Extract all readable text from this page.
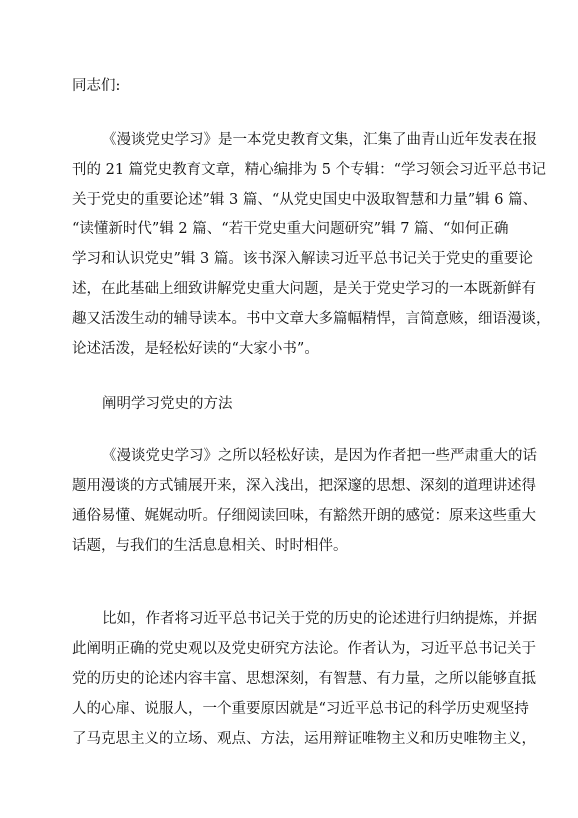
同志们:
《漫谈党史学习》是一本党史教育文集，汇集了曲青山近年发表在报
刊的 21 篇党史教育文章，精心编排为 5 个专辑：“学习领会习近平总书记
关于党史的重要论述”辑 3 篇、“从党史国史中汲取智慧和力量”辑 6 篇、
“读懂新时代”辑 2 篇、“若干党史重大问题研究”辑 7 篇、“如何正确
学习和认识党史”辑 3 篇。该书深入解读习近平总书记关于党史的重要论
述，在此基础上细致讲解党史重大问题，是关于党史学习的一本既新鲜有
趣又活泼生动的辅导读本。书中文章大多篇幅精悍，言简意赅，细语漫谈，
论述活泼，是轻松好读的“大家小书”。
阐明学习党史的方法
《漫谈党史学习》之所以轻松好读，是因为作者把一些严肃重大的话
题用漫谈的方式铺展开来，深入浅出，把深邃的思想、深刻的道理讲述得
通俗易懂、娓娓动听。仔细阅读回味，有豁然开朗的感觉：原来这些重大
话题，与我们的生活息息相关、时时相伴。
比如，作者将习近平总书记关于党的历史的论述进行归纳提炼，并据
此阐明正确的党史观以及党史研究方法论。作者认为，习近平总书记关于
党的历史的论述内容丰富、思想深刻，有智慧、有力量，之所以能够直抵
人的心扉、说服人，一个重要原因就是“习近平总书记的科学历史观坚持
了马克思主义的立场、观点、方法，运用辩证唯物主义和历史唯物主义，
